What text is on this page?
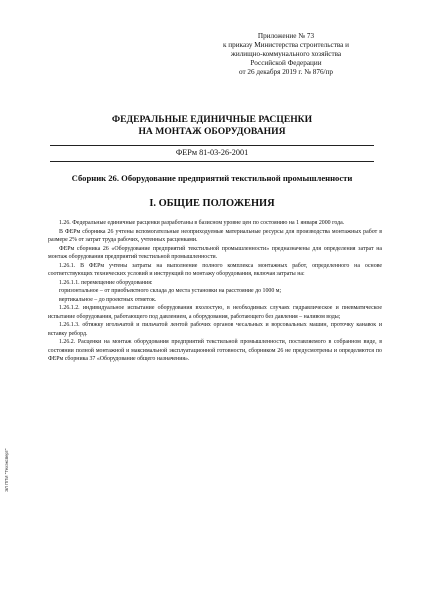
Приложение № 73
к приказу Министерства строительства и
жилищно-коммунального хозяйства
Российской Федерации
от 26 декабря 2019 г. № 876/пр
ФЕДЕРАЛЬНЫЕ ЕДИНИЧНЫЕ РАСЦЕНКИ
НА МОНТАЖ ОБОРУДОВАНИЯ
ФЕРм 81-03-26-2001
Сборник 26. Оборудование предприятий текстильной промышленности
I. ОБЩИЕ ПОЛОЖЕНИЯ

1.26. Федеральные единичные расценки разработаны в базисном уровне цен по состоянию на 1 января 2000 года.

В ФЕРм сборника 26 учтены вспомогательные неоприходуемые материальные ресурсы для производства монтажных работ в размере 2% от затрат труда рабочих, учтенных расценками.

ФЕРм сборника 26 «Оборудование предприятий текстильной промышленности» предназначены для определения затрат на монтаж оборудования предприятий текстильной промышленности.

1.26.1. В ФЕРм учтены затраты на выполнение полного комплекса монтажных работ, определенного на основе соответствующих технических условий и инструкций по монтажу оборудования, включая затраты на:

1.26.1.1. перемещение оборудования:

горизонтальное – от приобъектного склада до места установки на расстояние до 1000 м;

вертикальное – до проектных отметок.

1.26.1.2. индивидуальное испытание оборудования вхолостую, в необходимых случаях гидравлическое и пневматическое испытание оборудования, работающего под давлением, а оборудования, работающего без давления – наливом воды;

1.26.1.3. обтяжку игольчатой и пильчатой лентой рабочих органов чесальных и ворсовальных машин, проточку канавок и вставку реборд.

1.26.2. Расценки на монтаж оборудования предприятий текстильной промышленности, поставляемого в собранном виде, в состоянии полной монтажной и максимальной эксплуатационной готовности, сборником 26 не предусмотрены и определяются по ФЕРм сборника 37 «Оборудование общего назначения».

ЭЛ ППИ "Техэксперт"
